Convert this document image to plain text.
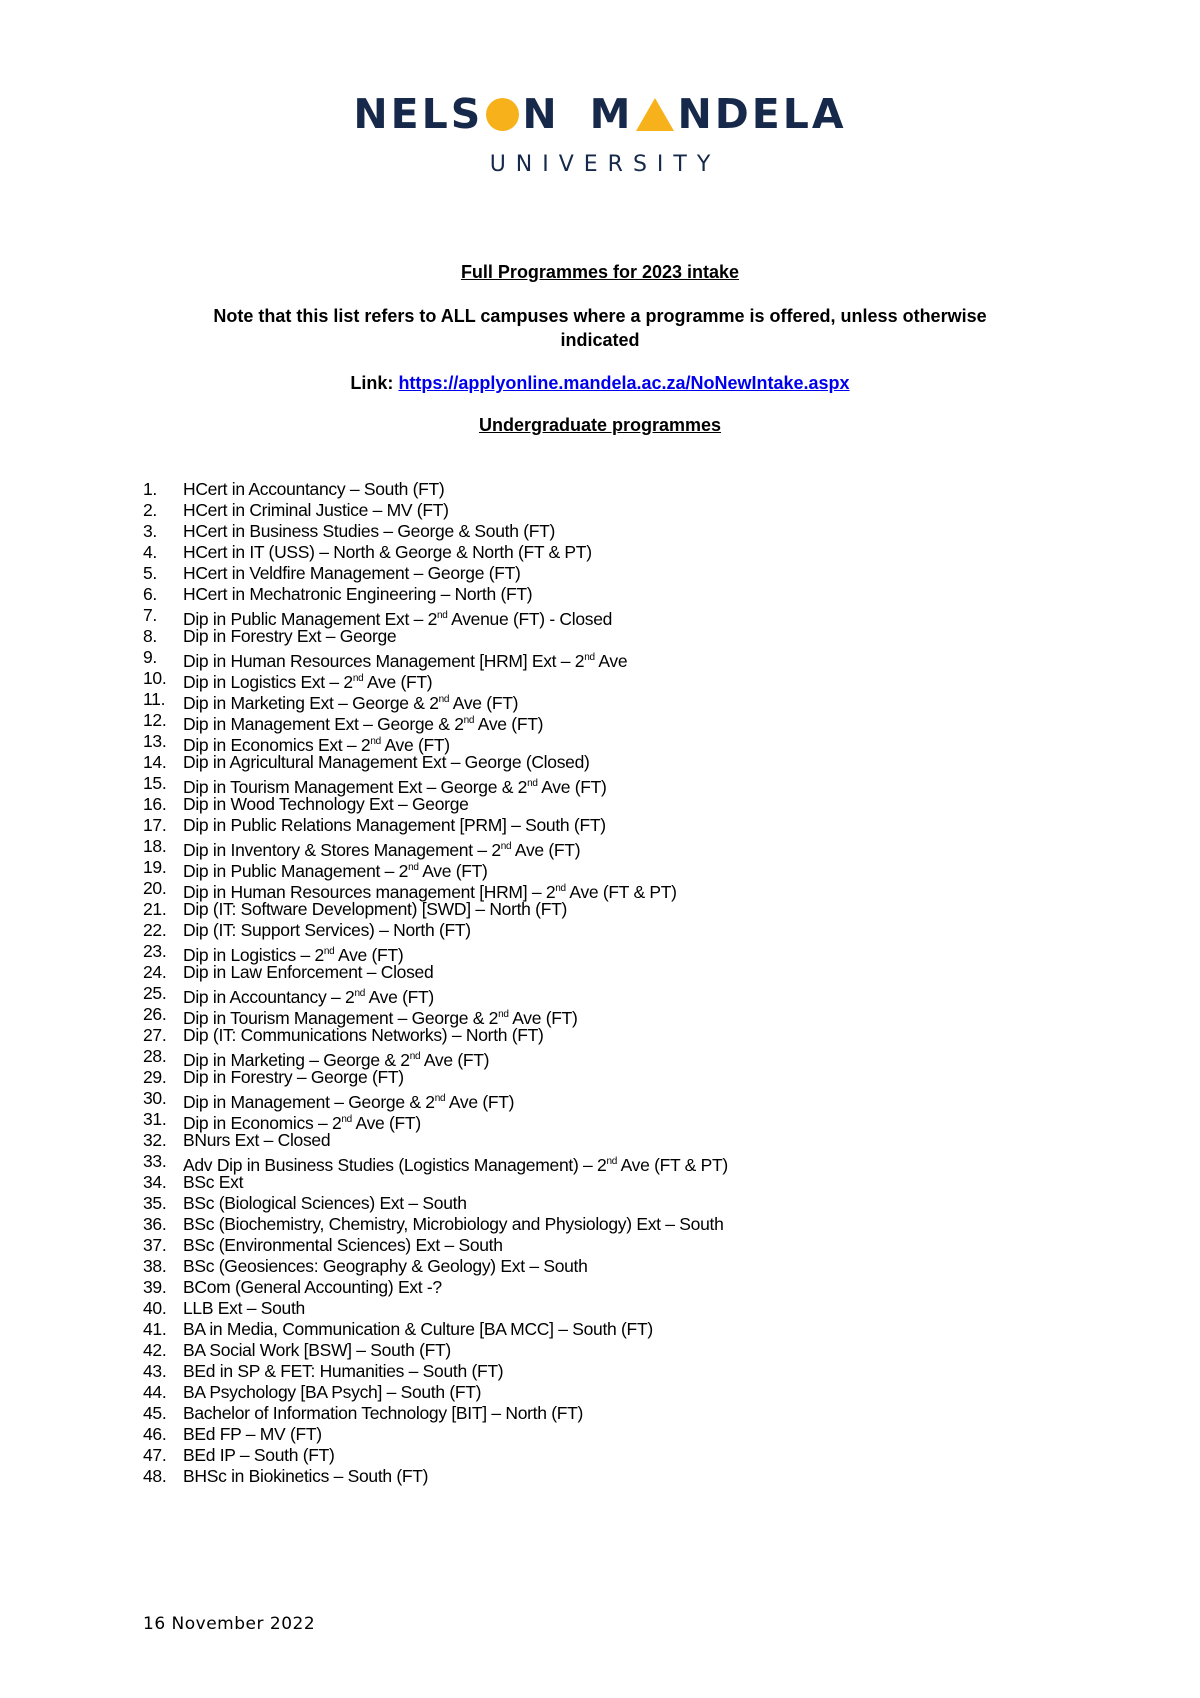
NELS N M NDELA
UNIVERSITY
Full Programmes for 2023 intake
Note that this list refers to ALL campuses where a programme is offered, unless otherwise indicated
Link: https://applyonline.mandela.ac.za/NoNewIntake.aspx
Undergraduate programmes
1.	HCert in Accountancy – South (FT)
2.	HCert in Criminal Justice – MV (FT)
3.	HCert in Business Studies – George & South (FT)
4.	HCert in IT (USS) – North & George & North (FT & PT)
5.	HCert in Veldfire Management – George (FT)
6.	HCert in Mechatronic Engineering – North (FT)
7.	Dip in Public Management Ext – 2nd Avenue (FT) - Closed
8.	Dip in Forestry Ext – George
9.	Dip in Human Resources Management [HRM] Ext – 2nd Ave
10. Dip in Logistics Ext – 2nd Ave (FT)
11.	Dip in Marketing Ext – George & 2nd Ave (FT)
12. Dip in Management Ext – George & 2nd Ave (FT)
13. Dip in Economics Ext – 2nd Ave (FT)
14. Dip in Agricultural Management Ext – George (Closed)
15. Dip in Tourism Management Ext – George & 2nd Ave (FT)
16. Dip in Wood Technology Ext – George
17. Dip in Public Relations Management [PRM] – South (FT)
18. Dip in Inventory & Stores Management – 2nd Ave (FT)
19. Dip in Public Management – 2nd Ave (FT)
20. Dip in Human Resources management [HRM] – 2nd Ave (FT & PT)
21. Dip (IT: Software Development) [SWD] – North (FT)
22. Dip (IT: Support Services) – North (FT)
23. Dip in Logistics – 2nd Ave (FT)
24. Dip in Law Enforcement – Closed
25. Dip in Accountancy – 2nd Ave (FT)
26. Dip in Tourism Management – George & 2nd Ave (FT)
27. Dip (IT: Communications Networks) – North (FT)
28. Dip in Marketing – George & 2nd Ave (FT)
29. Dip in Forestry – George (FT)
30. Dip in Management – George & 2nd Ave (FT)
31. Dip in Economics – 2nd Ave (FT)
32. BNurs Ext – Closed
33. Adv Dip in Business Studies (Logistics Management) – 2nd Ave (FT & PT)
34. BSc Ext
35. BSc (Biological Sciences) Ext – South
36. BSc (Biochemistry, Chemistry, Microbiology and Physiology) Ext – South
37. BSc (Environmental Sciences) Ext – South
38. BSc (Geosiences: Geography & Geology) Ext – South
39. BCom (General Accounting) Ext -?
40. LLB Ext – South
41. BA in Media, Communication & Culture [BA MCC] – South (FT)
42. BA Social Work [BSW] – South (FT)
43. BEd in SP & FET: Humanities – South (FT)
44. BA Psychology [BA Psych] – South (FT)
45. Bachelor of Information Technology [BIT] – North (FT)
46. BEd FP – MV (FT)
47. BEd IP – South (FT)
48. BHSc in Biokinetics – South (FT)
16 November 2022
